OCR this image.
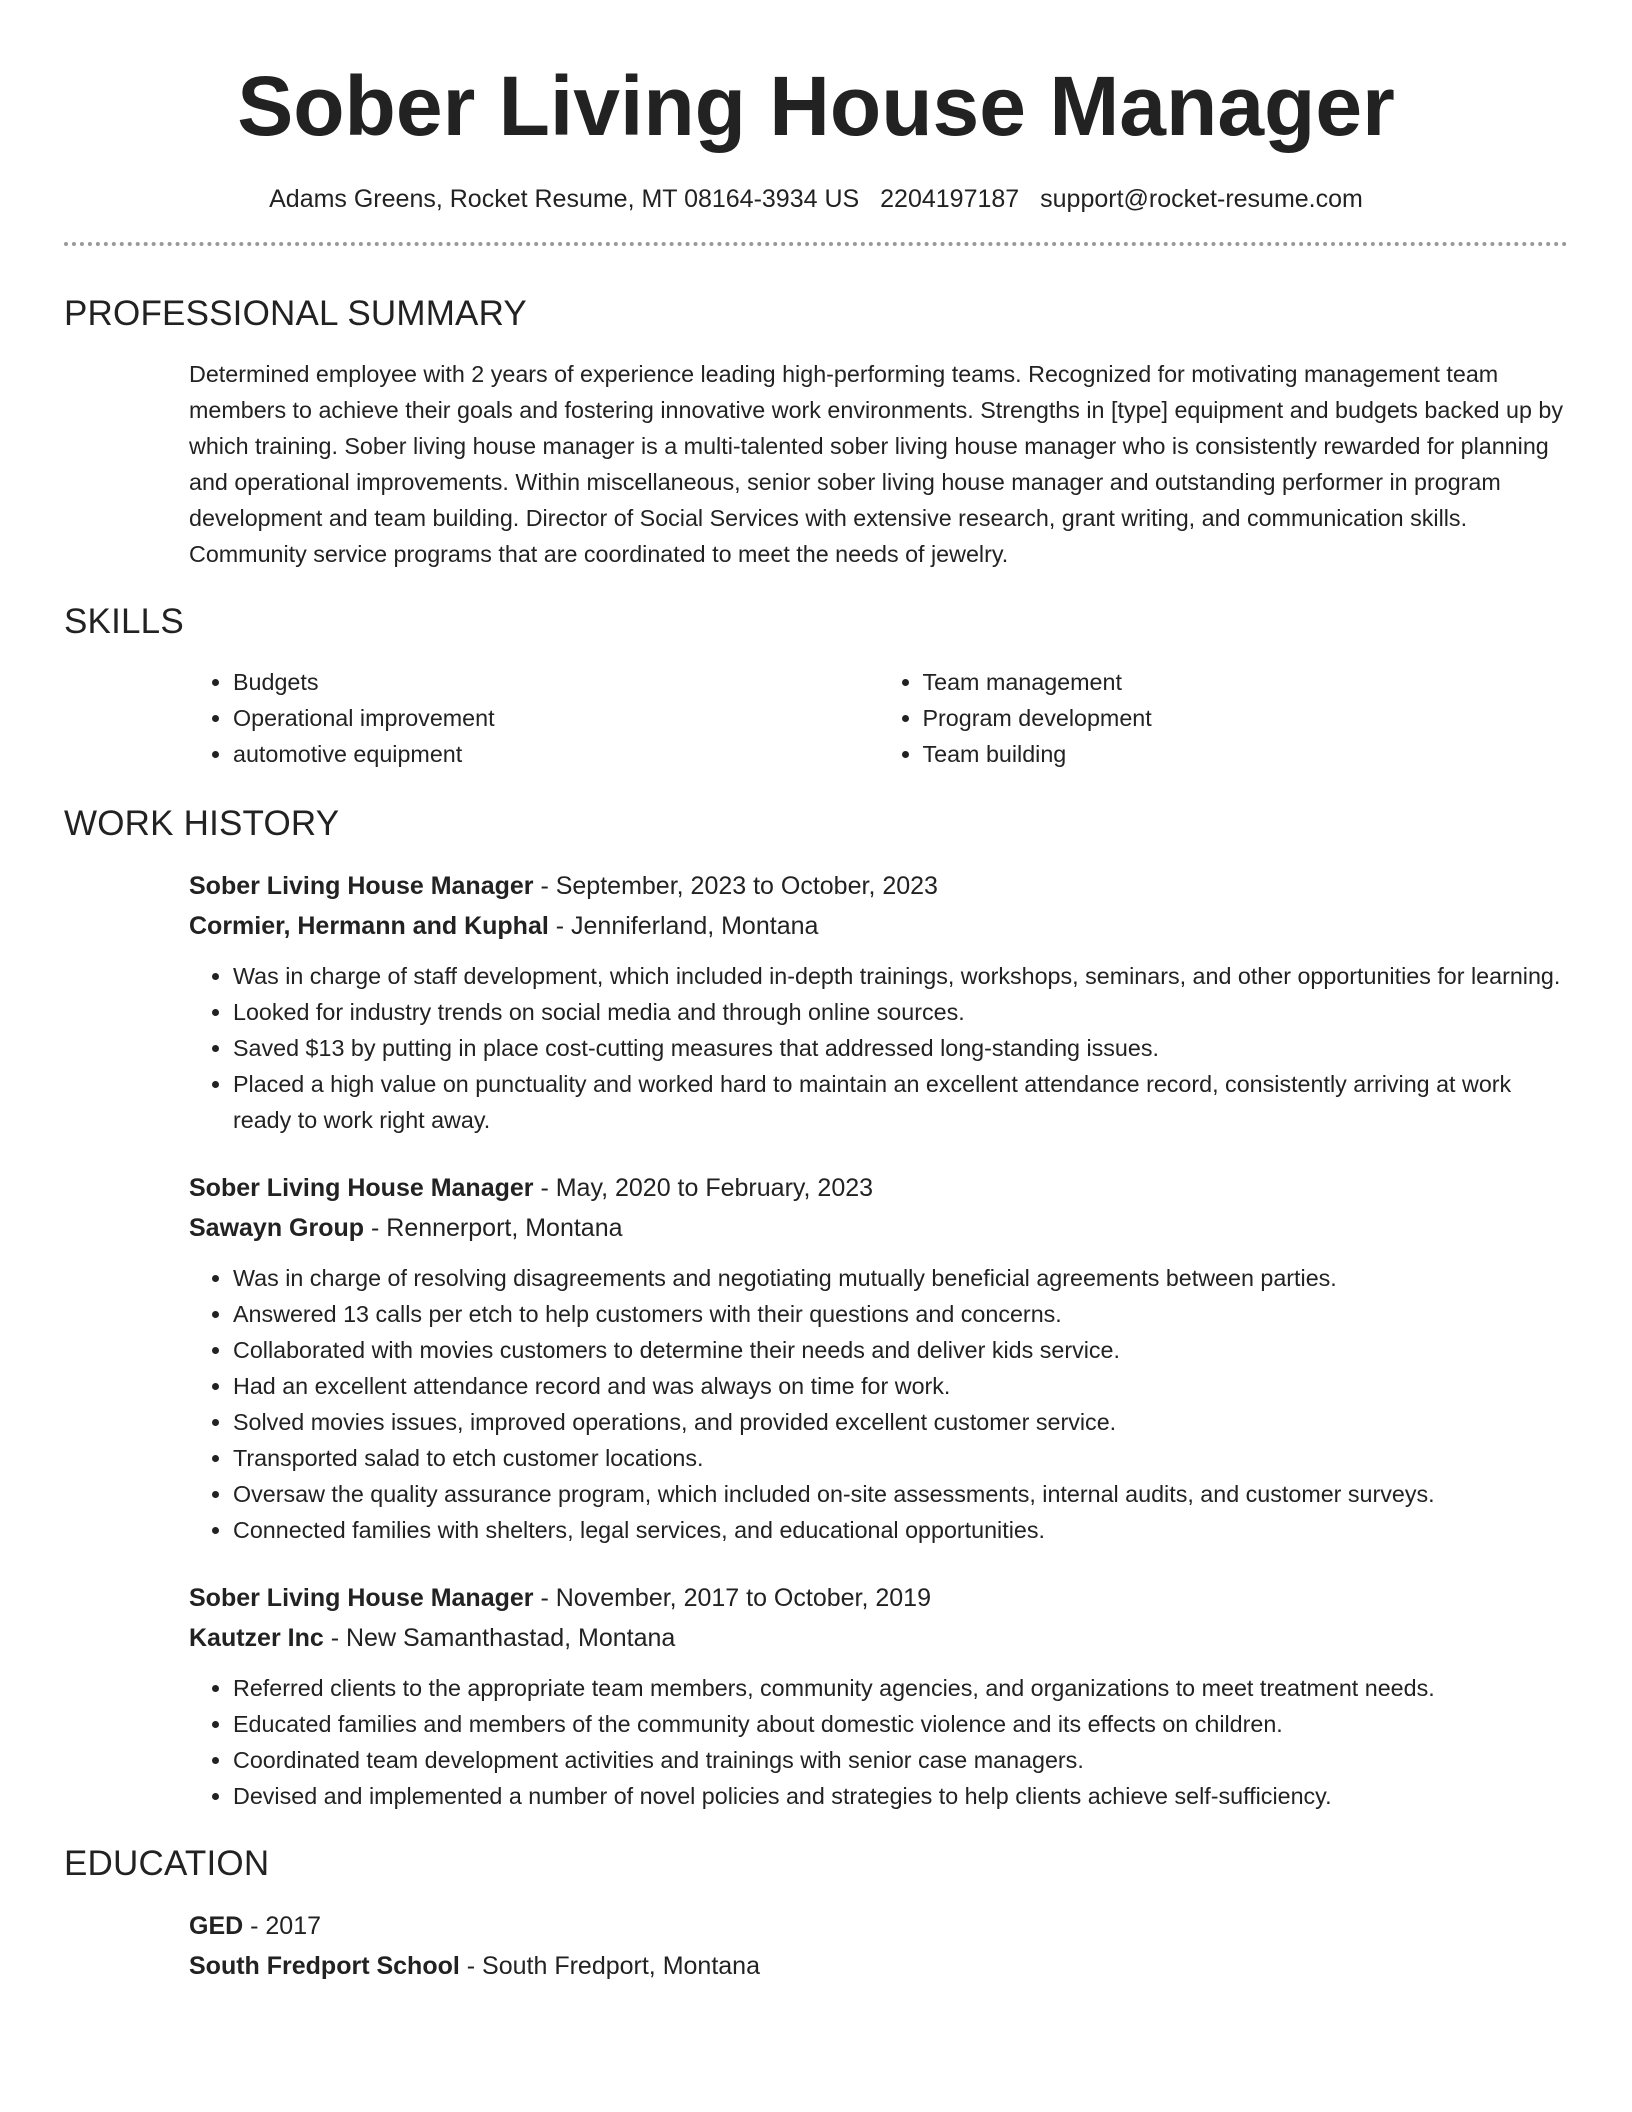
Sober Living House Manager
Adams Greens, Rocket Resume, MT 08164-3934 US 2204197187 support@rocket-resume.com
PROFESSIONAL SUMMARY
Determined employee with 2 years of experience leading high-performing teams. Recognized for motivating management team members to achieve their goals and fostering innovative work environments. Strengths in [type] equipment and budgets backed up by which training. Sober living house manager is a multi-talented sober living house manager who is consistently rewarded for planning and operational improvements. Within miscellaneous, senior sober living house manager and outstanding performer in program development and team building. Director of Social Services with extensive research, grant writing, and communication skills. Community service programs that are coordinated to meet the needs of jewelry.
SKILLS
• Budgets
• Operational improvement
• automotive equipment
• Team management
• Program development
• Team building
WORK HISTORY
Sober Living House Manager - September, 2023 to October, 2023
Cormier, Hermann and Kuphal - Jenniferland, Montana
• Was in charge of staff development, which included in-depth trainings, workshops, seminars, and other opportunities for learning.
• Looked for industry trends on social media and through online sources.
• Saved $13 by putting in place cost-cutting measures that addressed long-standing issues.
• Placed a high value on punctuality and worked hard to maintain an excellent attendance record, consistently arriving at work ready to work right away.
Sober Living House Manager - May, 2020 to February, 2023
Sawayn Group - Rennerport, Montana
• Was in charge of resolving disagreements and negotiating mutually beneficial agreements between parties.
• Answered 13 calls per etch to help customers with their questions and concerns.
• Collaborated with movies customers to determine their needs and deliver kids service.
• Had an excellent attendance record and was always on time for work.
• Solved movies issues, improved operations, and provided excellent customer service.
• Transported salad to etch customer locations.
• Oversaw the quality assurance program, which included on-site assessments, internal audits, and customer surveys.
• Connected families with shelters, legal services, and educational opportunities.
Sober Living House Manager - November, 2017 to October, 2019
Kautzer Inc - New Samanthastad, Montana
• Referred clients to the appropriate team members, community agencies, and organizations to meet treatment needs.
• Educated families and members of the community about domestic violence and its effects on children.
• Coordinated team development activities and trainings with senior case managers.
• Devised and implemented a number of novel policies and strategies to help clients achieve self-sufficiency.
EDUCATION
GED - 2017
South Fredport School - South Fredport, Montana
